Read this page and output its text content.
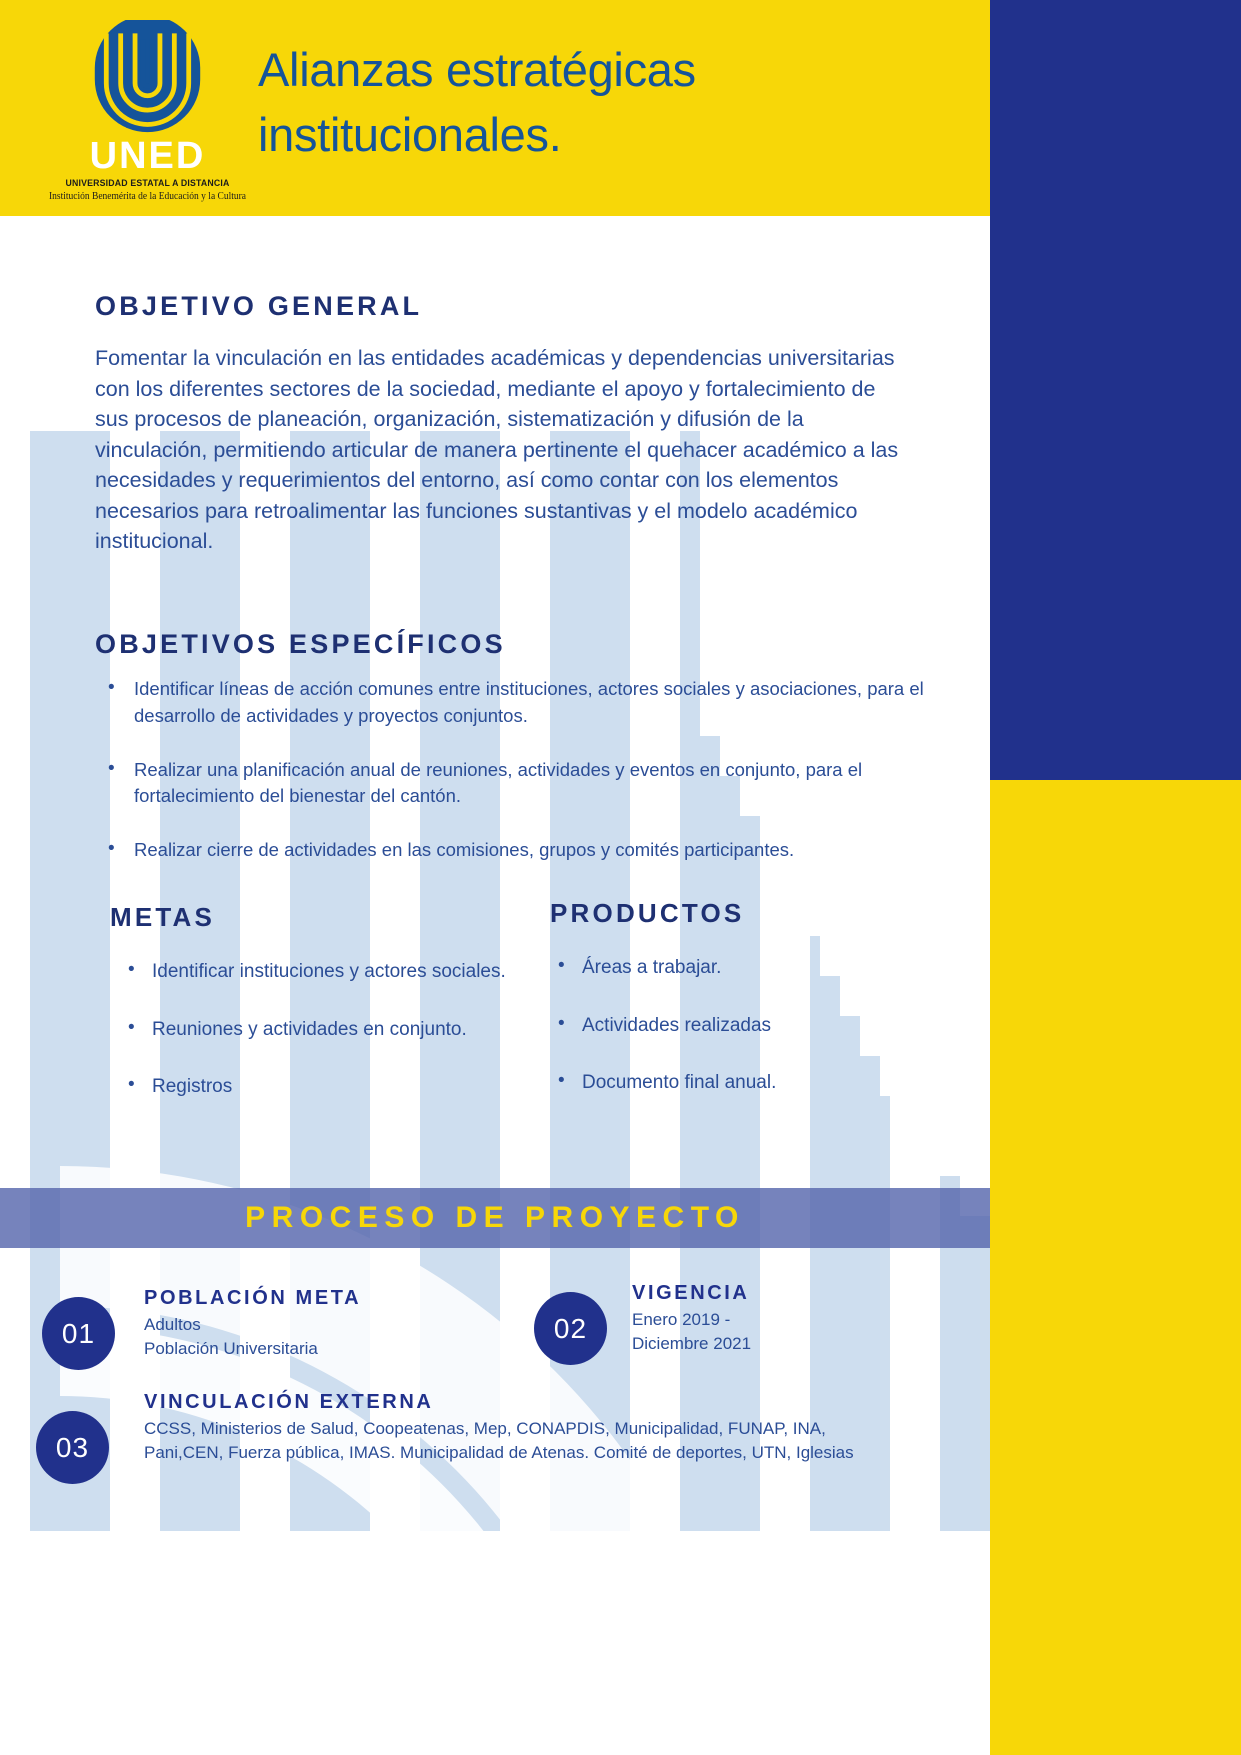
UNED
UNIVERSIDAD ESTATAL A DISTANCIA
Institución Benemérita de la Educación y la Cultura
Alianzas estratégicas
institucionales.
OBJETIVO GENERAL

Fomentar la vinculación en las entidades académicas y dependencias universitarias con los diferentes sectores de la sociedad, mediante el apoyo y fortalecimiento de sus procesos de planeación, organización, sistematización y difusión de la vinculación, permitiendo articular de manera pertinente el quehacer académico a las necesidades y requerimientos del entorno, así como contar con los elementos necesarios para retroalimentar las funciones sustantivas y el modelo académico institucional.

OBJETIVOS ESPECÍFICOS
• Identificar líneas de acción comunes entre instituciones, actores sociales y asociaciones, para el desarrollo de actividades y proyectos conjuntos.
• Realizar una planificación anual de reuniones, actividades y eventos en conjunto, para el fortalecimiento del bienestar del cantón.
• Realizar cierre de actividades en las comisiones, grupos y comités participantes.
METAS
• Identificar instituciones y actores sociales.
• Reuniones y actividades en conjunto.
• Registros
PRODUCTOS
• Áreas a trabajar.
• Actividades realizadas
• Documento final anual.
PROCESO DE PROYECTO
01
POBLACIÓN META
Adultos
Población Universitaria
02
VIGENCIA
Enero 2019 -
Diciembre 2021
03
VINCULACIÓN EXTERNA
CCSS, Ministerios de Salud, Coopeatenas, Mep, CONAPDIS, Municipalidad, FUNAP, INA,
Pani,CEN, Fuerza pública, IMAS. Municipalidad de Atenas. Comité de deportes, UTN, Iglesias
